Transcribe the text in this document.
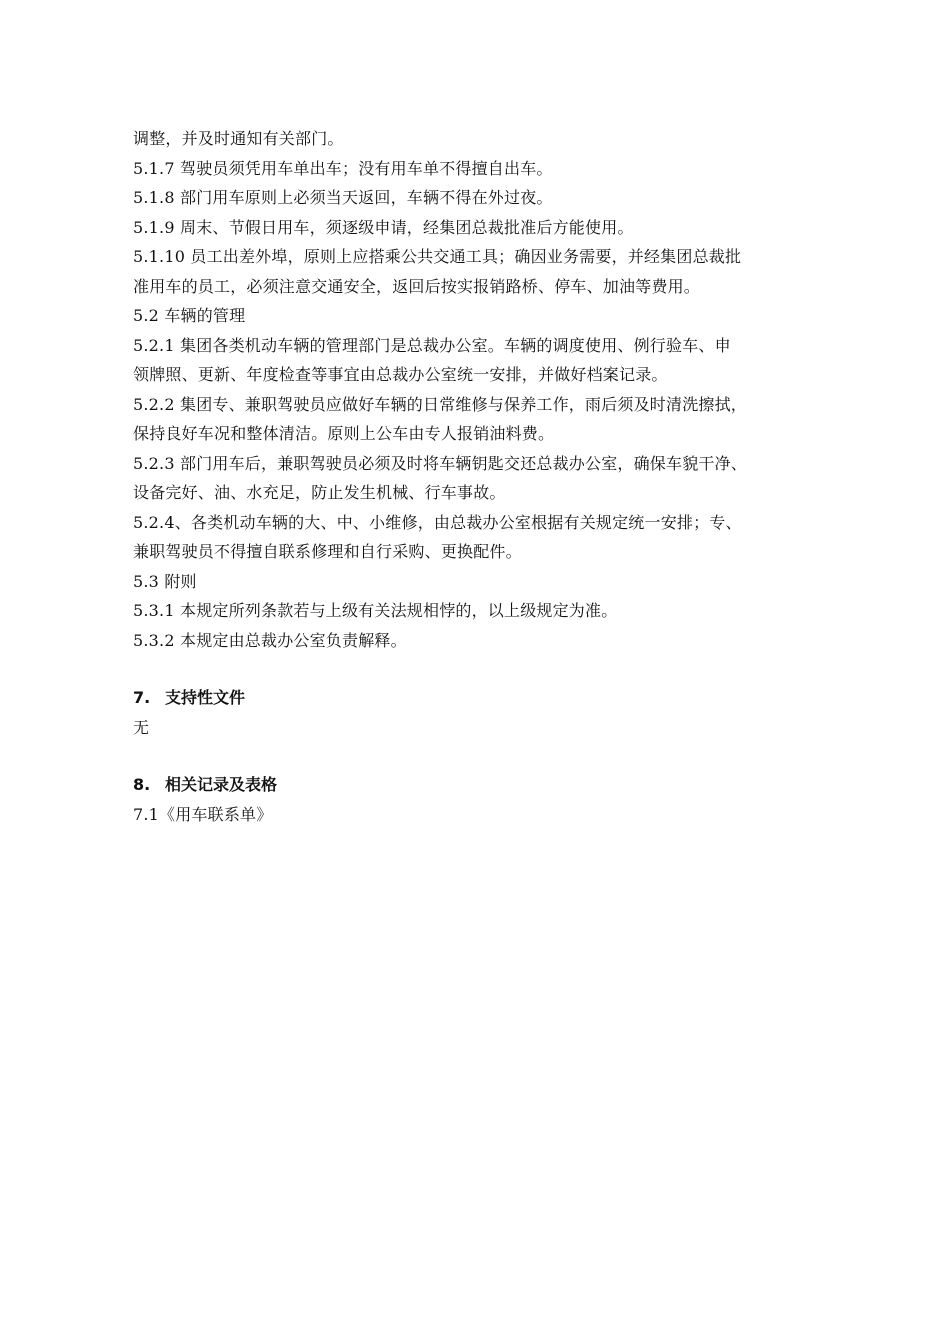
调整，并及时通知有关部门。
5.1.7 驾驶员须凭用车单出车；没有用车单不得擅自出车。
5.1.8 部门用车原则上必须当天返回，车辆不得在外过夜。
5.1.9 周末、节假日用车，须逐级申请，经集团总裁批准后方能使用。
5.1.10 员工出差外埠，原则上应搭乘公共交通工具；确因业务需要，并经集团总裁批
准用车的员工，必须注意交通安全，返回后按实报销路桥、停车、加油等费用。
5.2 车辆的管理
5.2.1 集团各类机动车辆的管理部门是总裁办公室。车辆的调度使用、例行验车、申
领牌照、更新、年度检查等事宜由总裁办公室统一安排，并做好档案记录。
5.2.2 集团专、兼职驾驶员应做好车辆的日常维修与保养工作，雨后须及时清洗擦拭，
保持良好车况和整体清洁。原则上公车由专人报销油料费。
5.2.3 部门用车后，兼职驾驶员必须及时将车辆钥匙交还总裁办公室，确保车貌干净、
设备完好、油、水充足，防止发生机械、行车事故。
5.2.4、各类机动车辆的大、中、小维修，由总裁办公室根据有关规定统一安排；专、
兼职驾驶员不得擅自联系修理和自行采购、更换配件。
5.3 附则
5.3.1 本规定所列条款若与上级有关法规相悖的，以上级规定为准。
5.3.2 本规定由总裁办公室负责解释。
7. 支持性文件
无
8. 相关记录及表格
7.1《用车联系单》
